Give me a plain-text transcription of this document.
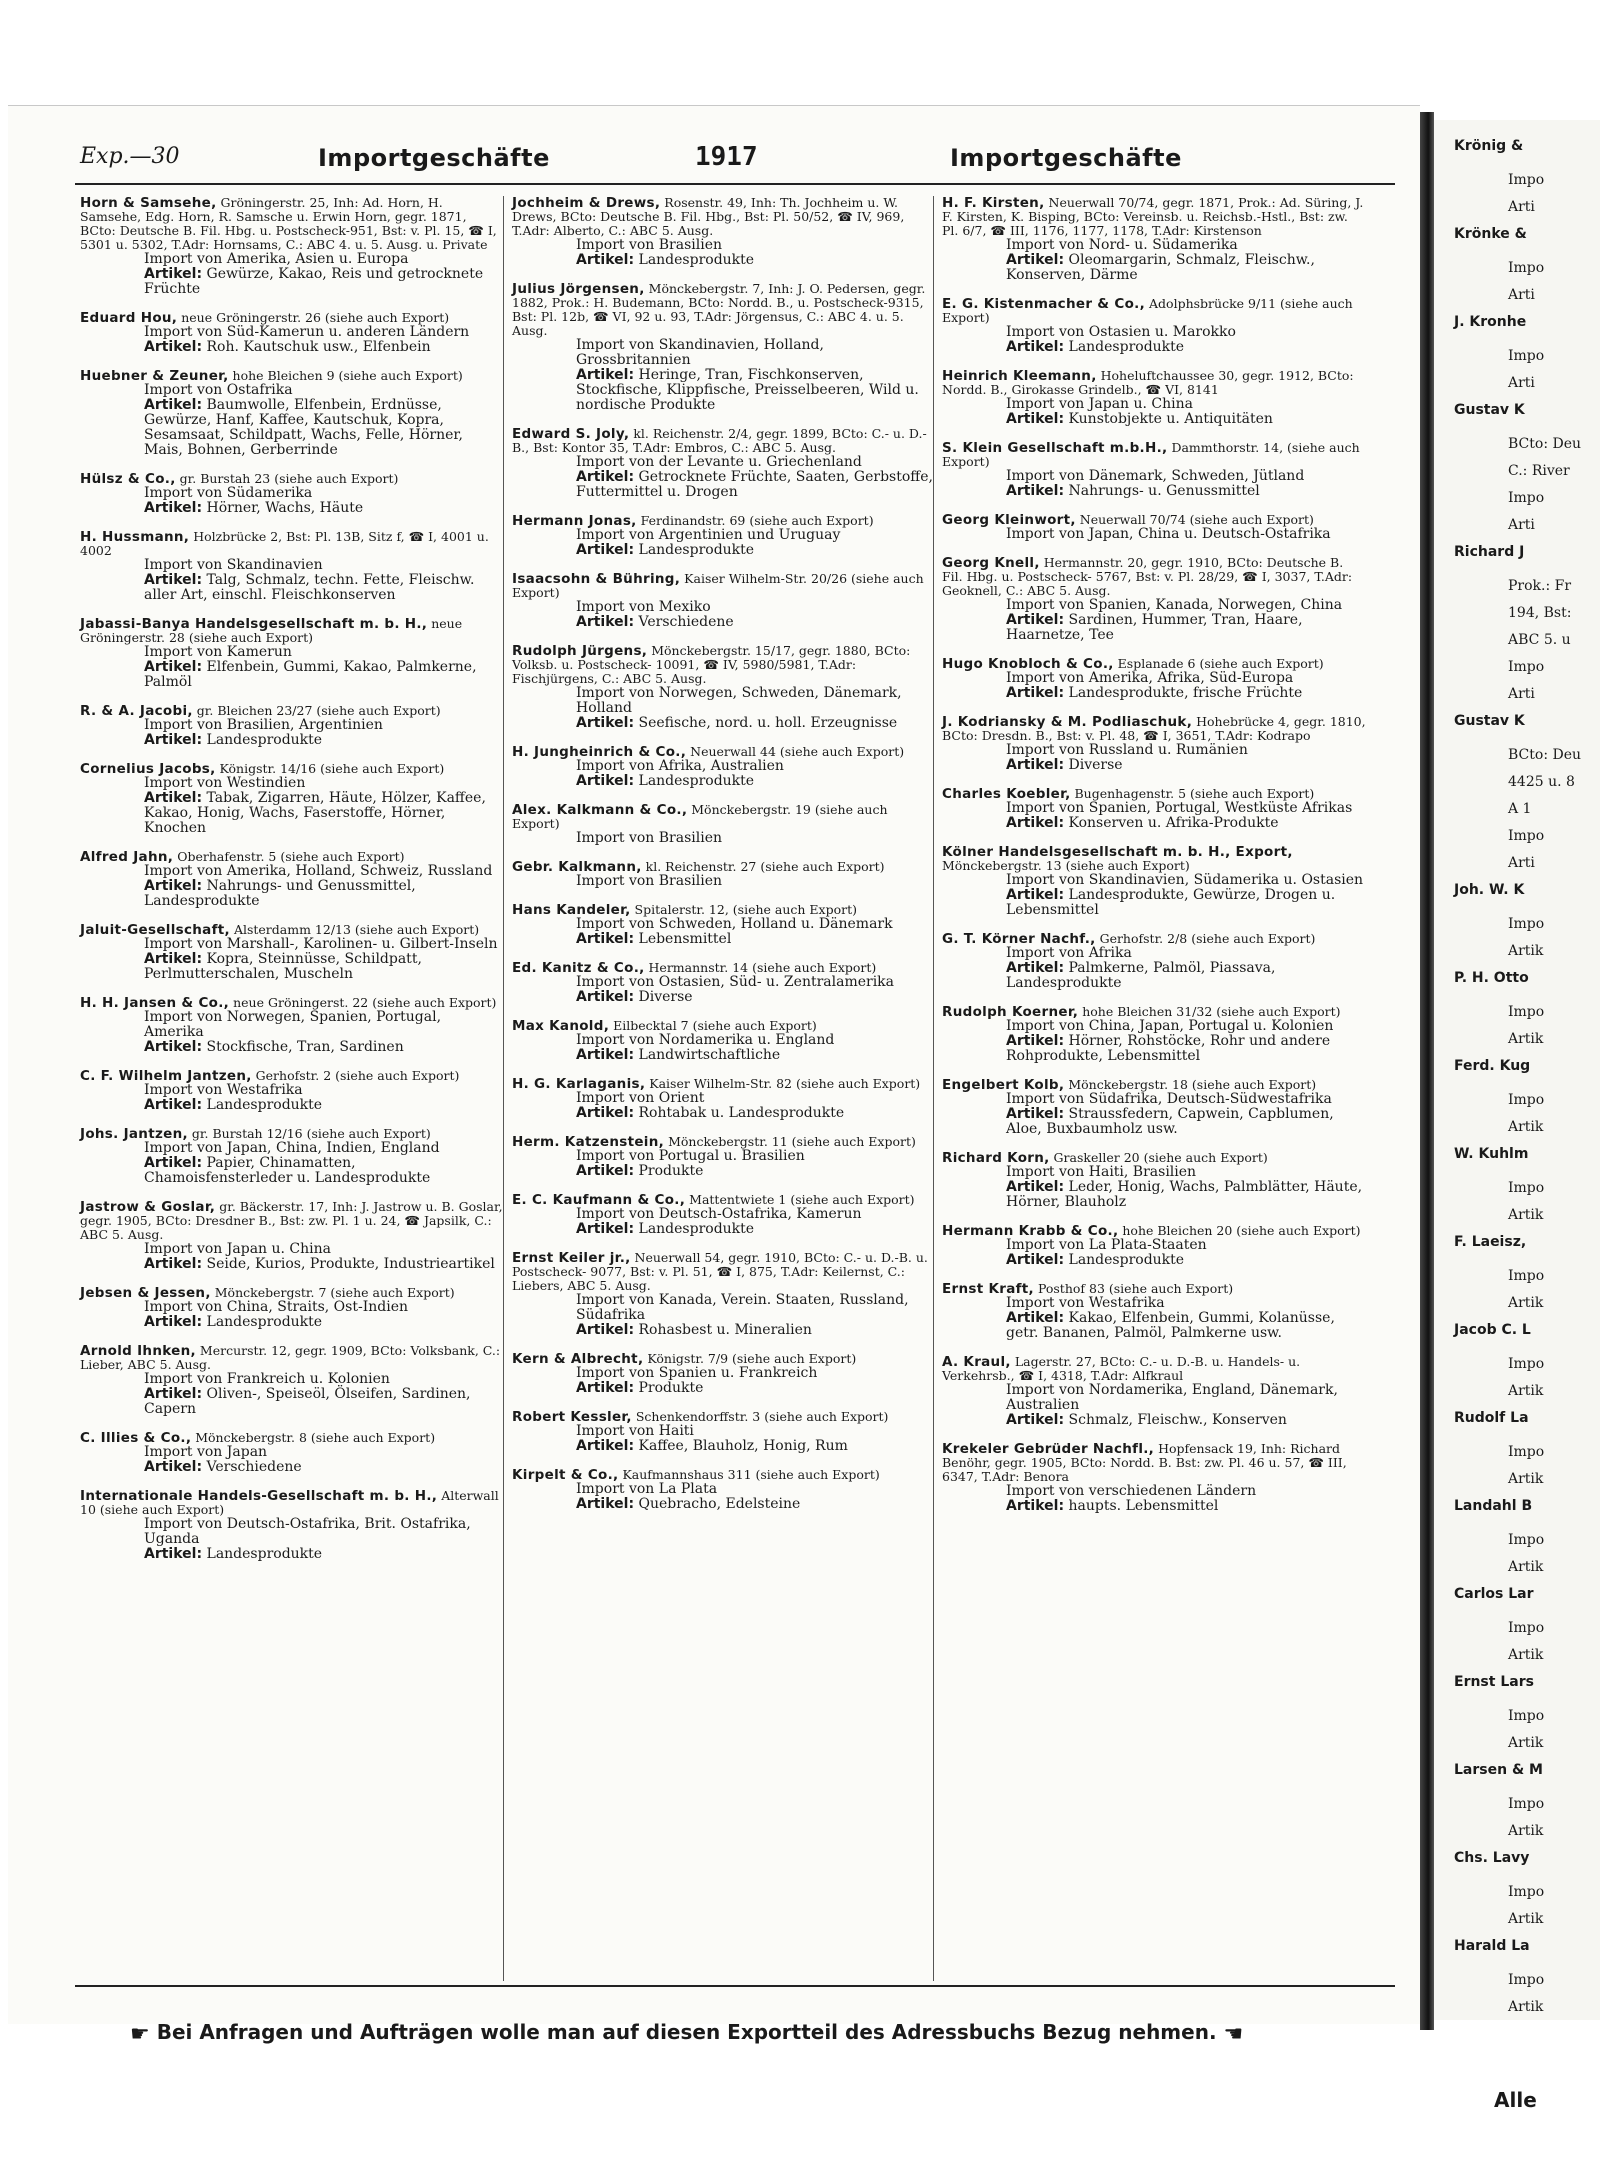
Exp.—30	Importgeschäfte	1917	Importgeschäfte
Horn & Samsehe, Gröningerstr. 25, Inh: Ad. Horn, H. Samsehe, Edg. Horn, R. Samsche u. Erwin Horn, gegr. 1871, BCto: Deutsche B. Fil. Hbg. u. Postscheck-951, Bst: v. Pl. 15, ☎ I, 5301 u. 5302, T.Adr: Hornsams, C.: ABC 4. u. 5. Ausg. u. Private
Import von Amerika, Asien u. Europa
Artikel: Gewürze, Kakao, Reis und getrocknete Früchte
Eduard Hou, neue Gröningerstr. 26 (siehe auch Export)
Import von Süd-Kamerun u. anderen Ländern
Artikel: Roh. Kautschuk usw., Elfenbein
Huebner & Zeuner, hohe Bleichen 9 (siehe auch Export)
Import von Ostafrika
Artikel: Baumwolle, Elfenbein, Erdnüsse, Gewürze, Hanf, Kaffee, Kautschuk, Kopra, Sesamsaat, Schildpatt, Wachs, Felle, Hörner, Mais, Bohnen, Gerberrinde
Hülsz & Co., gr. Burstah 23 (siehe auch Export)
Import von Südamerika
Artikel: Hörner, Wachs, Häute
H. Hussmann, Holzbrücke 2, Bst: Pl. 13B, Sitz f, ☎ I, 4001 u. 4002
Import von Skandinavien
Artikel: Talg, Schmalz, techn. Fette, Fleischw. aller Art, einschl. Fleischkonserven
Jabassi-Banya Handelsgesellschaft m. b. H., neue Gröningerstr. 28 (siehe auch Export)
Import von Kamerun
Artikel: Elfenbein, Gummi, Kakao, Palmkerne, Palmöl
R. & A. Jacobi, gr. Bleichen 23/27 (siehe auch Export)
Import von Brasilien, Argentinien
Artikel: Landesprodukte
Cornelius Jacobs, Königstr. 14/16 (siehe auch Export)
Import von Westindien
Artikel: Tabak, Zigarren, Häute, Hölzer, Kaffee, Kakao, Honig, Wachs, Faserstoffe, Hörner, Knochen
Alfred Jahn, Oberhafenstr. 5 (siehe auch Export)
Import von Amerika, Holland, Schweiz, Russland
Artikel: Nahrungs- und Genussmittel, Landesprodukte
Jaluit-Gesellschaft, Alsterdamm 12/13 (siehe auch Export)
Import von Marshall-, Karolinen- u. Gilbert-Inseln
Artikel: Kopra, Steinnüsse, Schildpatt, Perlmutterschalen, Muscheln
H. H. Jansen & Co., neue Gröningerst. 22 (siehe auch Export)
Import von Norwegen, Spanien, Portugal, Amerika
Artikel: Stockfische, Tran, Sardinen
C. F. Wilhelm Jantzen, Gerhofstr. 2 (siehe auch Export)
Import von Westafrika
Artikel: Landesprodukte
Johs. Jantzen, gr. Burstah 12/16 (siehe auch Export)
Import von Japan, China, Indien, England
Artikel: Papier, Chinamatten, Chamoisfensterleder u. Landesprodukte
Jastrow & Goslar, gr. Bäckerstr. 17, Inh: J. Jastrow u. B. Goslar, gegr. 1905, BCto: Dresdner B., Bst: zw. Pl. 1 u. 24, ☎ Japsilk, C.: ABC 5. Ausg.
Import von Japan u. China
Artikel: Seide, Kurios, Produkte, Industrieartikel
Jebsen & Jessen, Mönckebergstr. 7 (siehe auch Export)
Import von China, Straits, Ost-Indien
Artikel: Landesprodukte
Arnold Ihnken, Mercurstr. 12, gegr. 1909, BCto: Volksbank, C.: Lieber, ABC 5. Ausg.
Import von Frankreich u. Kolonien
Artikel: Oliven-, Speiseöl, Ölseifen, Sardinen, Capern
C. Illies & Co., Mönckebergstr. 8 (siehe auch Export)
Import von Japan
Artikel: Verschiedene
Internationale Handels-Gesellschaft m. b. H., Alterwall 10 (siehe auch Export)
Import von Deutsch-Ostafrika, Brit. Ostafrika, Uganda
Artikel: Landesprodukte
Jochheim & Drews, Rosenstr. 49, Inh: Th. Jochheim u. W. Drews, BCto: Deutsche B. Fil. Hbg., Bst: Pl. 50/52, ☎ IV, 969, T.Adr: Alberto, C.: ABC 5. Ausg.
Import von Brasilien
Artikel: Landesprodukte
Julius Jörgensen, Mönckebergstr. 7, Inh: J. O. Pedersen, gegr. 1882, Prok.: H. Budemann, BCto: Nordd. B., u. Postscheck-9315, Bst: Pl. 12b, ☎ VI, 92 u. 93, T.Adr: Jörgensus, C.: ABC 4. u. 5. Ausg.
Import von Skandinavien, Holland, Grossbritannien
Artikel: Heringe, Tran, Fischkonserven, Stockfische, Klippfische, Preisselbeeren, Wild u. nordische Produkte
Edward S. Joly, kl. Reichenstr. 2/4, gegr. 1899, BCto: C.- u. D.-B., Bst: Kontor 35, T.Adr: Embros, C.: ABC 5. Ausg.
Import von der Levante u. Griechenland
Artikel: Getrocknete Früchte, Saaten, Gerbstoffe, Futtermittel u. Drogen
Hermann Jonas, Ferdinandstr. 69 (siehe auch Export)
Import von Argentinien und Uruguay
Artikel: Landesprodukte
Isaacsohn & Bühring, Kaiser Wilhelm-Str. 20/26 (siehe auch Export)
Import von Mexiko
Artikel: Verschiedene
Rudolph Jürgens, Mönckebergstr. 15/17, gegr. 1880, BCto: Volksb. u. Postscheck- 10091, ☎ IV, 5980/5981, T.Adr: Fischjürgens, C.: ABC 5. Ausg.
Import von Norwegen, Schweden, Dänemark, Holland
Artikel: Seefische, nord. u. holl. Erzeugnisse
H. Jungheinrich & Co., Neuerwall 44 (siehe auch Export)
Import von Afrika, Australien
Artikel: Landesprodukte
Alex. Kalkmann & Co., Mönckebergstr. 19 (siehe auch Export)
Import von Brasilien
Gebr. Kalkmann, kl. Reichenstr. 27 (siehe auch Export)
Import von Brasilien
Hans Kandeler, Spitalerstr. 12, (siehe auch Export)
Import von Schweden, Holland u. Dänemark
Artikel: Lebensmittel
Ed. Kanitz & Co., Hermannstr. 14 (siehe auch Export)
Import von Ostasien, Süd- u. Zentralamerika
Artikel: Diverse
Max Kanold, Eilbecktal 7 (siehe auch Export)
Import von Nordamerika u. England
Artikel: Landwirtschaftliche
H. G. Karlaganis, Kaiser Wilhelm-Str. 82 (siehe auch Export)
Import von Orient
Artikel: Rohtabak u. Landesprodukte
Herm. Katzenstein, Mönckebergstr. 11 (siehe auch Export)
Import von Portugal u. Brasilien
Artikel: Produkte
E. C. Kaufmann & Co., Mattentwiete 1 (siehe auch Export)
Import von Deutsch-Ostafrika, Kamerun
Artikel: Landesprodukte
Ernst Keiler jr., Neuerwall 54, gegr. 1910, BCto: C.- u. D.-B. u. Postscheck- 9077, Bst: v. Pl. 51, ☎ I, 875, T.Adr: Keilernst, C.: Liebers, ABC 5. Ausg.
Import von Kanada, Verein. Staaten, Russland, Südafrika
Artikel: Rohasbest u. Mineralien
Kern & Albrecht, Königstr. 7/9 (siehe auch Export)
Import von Spanien u. Frankreich
Artikel: Produkte
Robert Kessler, Schenkendorffstr. 3 (siehe auch Export)
Import von Haiti
Artikel: Kaffee, Blauholz, Honig, Rum
Kirpelt & Co., Kaufmannshaus 311 (siehe auch Export)
Import von La Plata
Artikel: Quebracho, Edelsteine
H. F. Kirsten, Neuerwall 70/74, gegr. 1871, Prok.: Ad. Süring, J. F. Kirsten, K. Bisping, BCto: Vereinsb. u. Reichsb.-Hstl., Bst: zw. Pl. 6/7, ☎ III, 1176, 1177, 1178, T.Adr: Kirstenson
Import von Nord- u. Südamerika
Artikel: Oleomargarin, Schmalz, Fleischw., Konserven, Därme
E. G. Kistenmacher & Co., Adolphsbrücke 9/11 (siehe auch Export)
Import von Ostasien u. Marokko
Artikel: Landesprodukte
Heinrich Kleemann, Hoheluftchaussee 30, gegr. 1912, BCto: Nordd. B., Girokasse Grindelb., ☎ VI, 8141
Import von Japan u. China
Artikel: Kunstobjekte u. Antiquitäten
S. Klein Gesellschaft m.b.H., Dammthorstr. 14, (siehe auch Export)
Import von Dänemark, Schweden, Jütland
Artikel: Nahrungs- u. Genussmittel
Georg Kleinwort, Neuerwall 70/74 (siehe auch Export)
Import von Japan, China u. Deutsch-Ostafrika
Georg Knell, Hermannstr. 20, gegr. 1910, BCto: Deutsche B. Fil. Hbg. u. Postscheck- 5767, Bst: v. Pl. 28/29, ☎ I, 3037, T.Adr: Geoknell, C.: ABC 5. Ausg.
Import von Spanien, Kanada, Norwegen, China
Artikel: Sardinen, Hummer, Tran, Haare, Haarnetze, Tee
Hugo Knobloch & Co., Esplanade 6 (siehe auch Export)
Import von Amerika, Afrika, Süd-Europa
Artikel: Landesprodukte, frische Früchte
J. Kodriansky & M. Podliaschuk, Hohebrücke 4, gegr. 1810, BCto: Dresdn. B., Bst: v. Pl. 48, ☎ I, 3651, T.Adr: Kodrapo
Import von Russland u. Rumänien
Artikel: Diverse
Charles Koebler, Bugenhagenstr. 5 (siehe auch Export)
Import von Spanien, Portugal, Westküste Afrikas
Artikel: Konserven u. Afrika-Produkte
Kölner Handelsgesellschaft m. b. H., Export, Mönckebergstr. 13 (siehe auch Export)
Import von Skandinavien, Südamerika u. Ostasien
Artikel: Landesprodukte, Gewürze, Drogen u. Lebensmittel
G. T. Körner Nachf., Gerhofstr. 2/8 (siehe auch Export)
Import von Afrika
Artikel: Palmkerne, Palmöl, Piassava, Landesprodukte
Rudolph Koerner, hohe Bleichen 31/32 (siehe auch Export)
Import von China, Japan, Portugal u. Kolonien
Artikel: Hörner, Rohstöcke, Rohr und andere Rohprodukte, Lebensmittel
Engelbert Kolb, Mönckebergstr. 18 (siehe auch Export)
Import von Südafrika, Deutsch-Südwestafrika
Artikel: Straussfedern, Capwein, Capblumen, Aloe, Buxbaumholz usw.
Richard Korn, Graskeller 20 (siehe auch Export)
Import von Haiti, Brasilien
Artikel: Leder, Honig, Wachs, Palmblätter, Häute, Hörner, Blauholz
Hermann Krabb & Co., hohe Bleichen 20 (siehe auch Export)
Import von La Plata-Staaten
Artikel: Landesprodukte
Ernst Kraft, Posthof 83 (siehe auch Export)
Import von Westafrika
Artikel: Kakao, Elfenbein, Gummi, Kolanüsse, getr. Bananen, Palmöl, Palmkerne usw.
A. Kraul, Lagerstr. 27, BCto: C.- u. D.-B. u. Handels- u. Verkehrsb., ☎ I, 4318, T.Adr: Alfkraul
Import von Nordamerika, England, Dänemark, Australien
Artikel: Schmalz, Fleischw., Konserven
Krekeler Gebrüder Nachfl., Hopfensack 19, Inh: Richard Benöhr, gegr. 1905, BCto: Nordd. B. Bst: zw. Pl. 46 u. 57, ☎ III, 6347, T.Adr: Benora
Import von verschiedenen Ländern
Artikel: haupts. Lebensmittel
☛ Bei Anfragen und Aufträgen wolle man auf diesen Exportteil des Adressbuchs Bezug nehmen. ☚
Alle
Krönig &
Impo
Arti
Krönke &
Impo
Arti
J. Kronhe
Impo
Arti
Gustav K
BCto: Deu
C.: River
Impo
Arti
Richard J
Prok.: Fr
194, Bst:
ABC 5. u
Impo
Arti
Gustav K
BCto: Deu
4425 u. 8
A 1
Impo
Arti
Joh. W. K
Impo
Artik
P. H. Otto
Impo
Artik
Ferd. Kug
Impo
Artik
W. Kuhlm
Impo
Artik
F. Laeisz,
Impo
Artik
Jacob C. L
Impo
Artik
Rudolf La
Impo
Artik
Landahl B
Impo
Artik
Carlos Lar
Impo
Artik
Ernst Lars
Impo
Artik
Larsen & M
Impo
Artik
Chs. Lavy
Impo
Artik
Harald La
Impo
Artik
